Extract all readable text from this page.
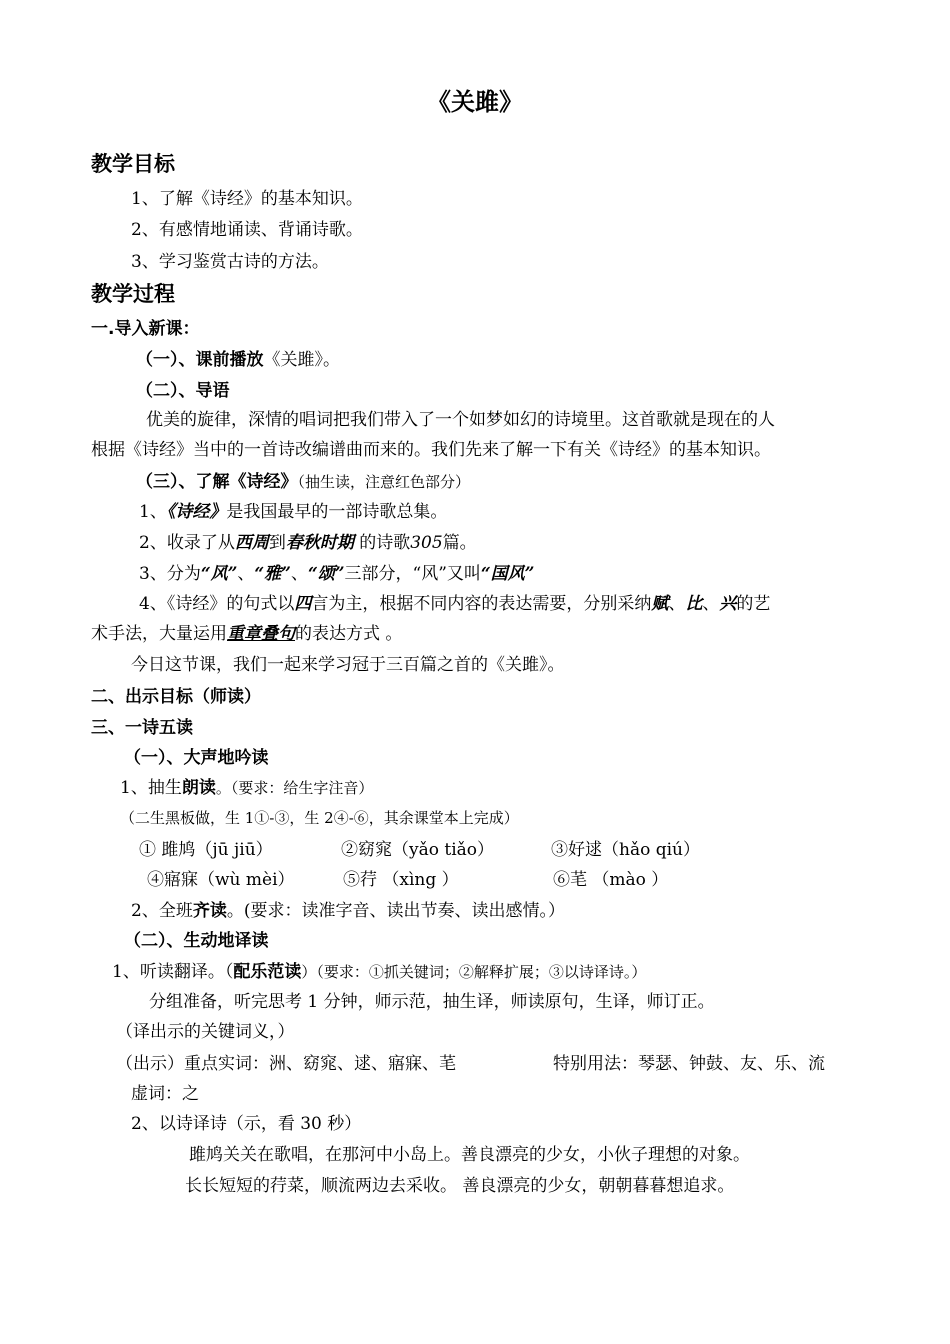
《关雎》
教学目标
1、了解《诗经》的基本知识。
2、有感情地诵读、背诵诗歌。
3、学习鉴赏古诗的方法。
教学过程
一.导入新课：
（一）、课前播放《关雎》。
（二）、导语
优美的旋律，深情的唱词把我们带入了一个如梦如幻的诗境里。这首歌就是现在的人
根据《诗经》当中的一首诗改编谱曲而来的。我们先来了解一下有关《诗经》的基本知识。
（三）、了解《诗经》（抽生读，注意红色部分）
1、《诗经》是我国最早的一部诗歌总集。
2、收录了从西周到春秋时期 的诗歌305篇。
3、分为“风”、“雅”、“颂”三部分，“风”又叫“国风”
4、《诗经》的句式以四言为主，根据不同内容的表达需要，分别采纳赋、比、兴的艺
术手法，大量运用重章叠句的表达方式 。
今日这节课，我们一起来学习冠于三百篇之首的《关雎》。
二、出示目标（师读）
三、一诗五读
（一）、大声地吟读
1、抽生朗读。（要求：给生字注音）
（二生黑板做，生 1①-③，生 2④-⑥，其余课堂本上完成）
① 雎鸠（jū jiū）	②窈窕（yǎo tiǎo）	③好逑（hǎo qiú）
④寤寐（wù mèi）	⑤荇 （xìng ）	⑥芼 （mào ）
2、全班齐读。(要求：读准字音、读出节奏、读出感情。）
（二）、生动地译读
1、听读翻译。（配乐范读）（要求：①抓关键词；②解释扩展；③以诗译诗。）
分组准备，听完思考 1 分钟，师示范，抽生译，师读原句，生译，师订正。
（译出示的关键词义，）
（出示）重点实词：洲、窈窕、逑、寤寐、芼	特别用法：琴瑟、钟鼓、友、乐、流
虚词：之
2、以诗译诗（示，看 30 秒）
雎鸠关关在歌唱，在那河中小岛上。善良漂亮的少女，小伙子理想的对象。
长长短短的荇菜，顺流两边去采收。 善良漂亮的少女，朝朝暮暮想追求。
